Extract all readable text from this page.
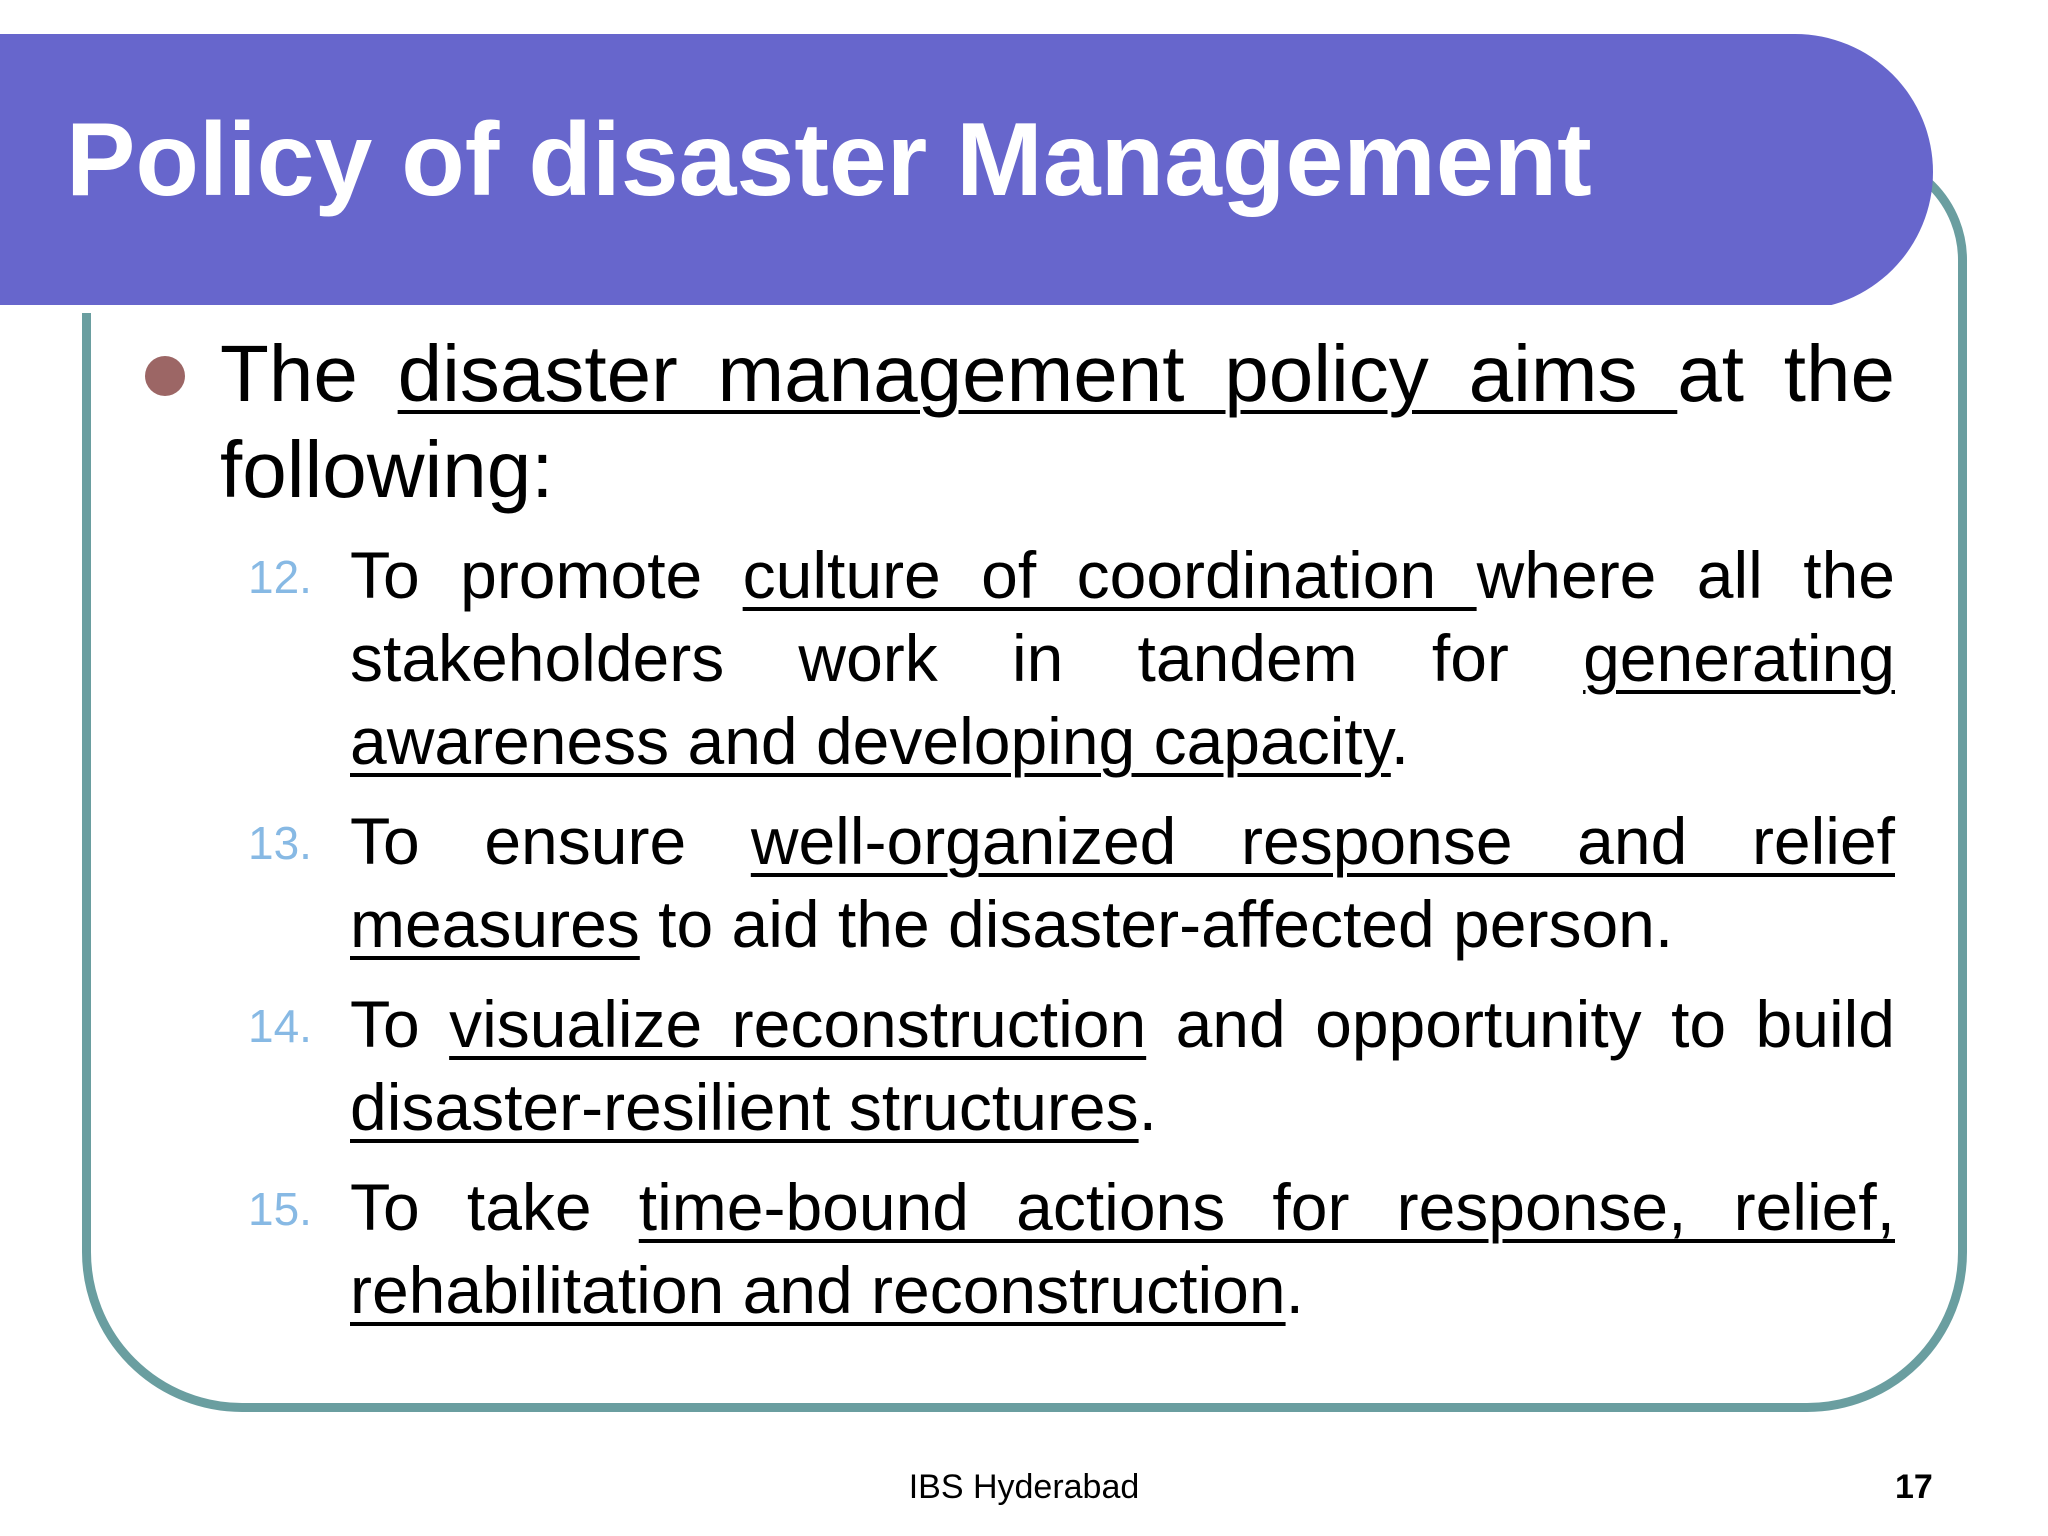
Policy of disaster Management
The disaster management policy aims at the following:
12. To promote culture of coordination where all the stakeholders work in tandem for generating awareness and developing capacity.
13. To ensure well-organized response and relief measures to aid the disaster-affected person.
14. To visualize reconstruction and opportunity to build disaster-resilient structures.
15. To take time-bound actions for response, relief, rehabilitation and reconstruction.
IBS Hyderabad	17
